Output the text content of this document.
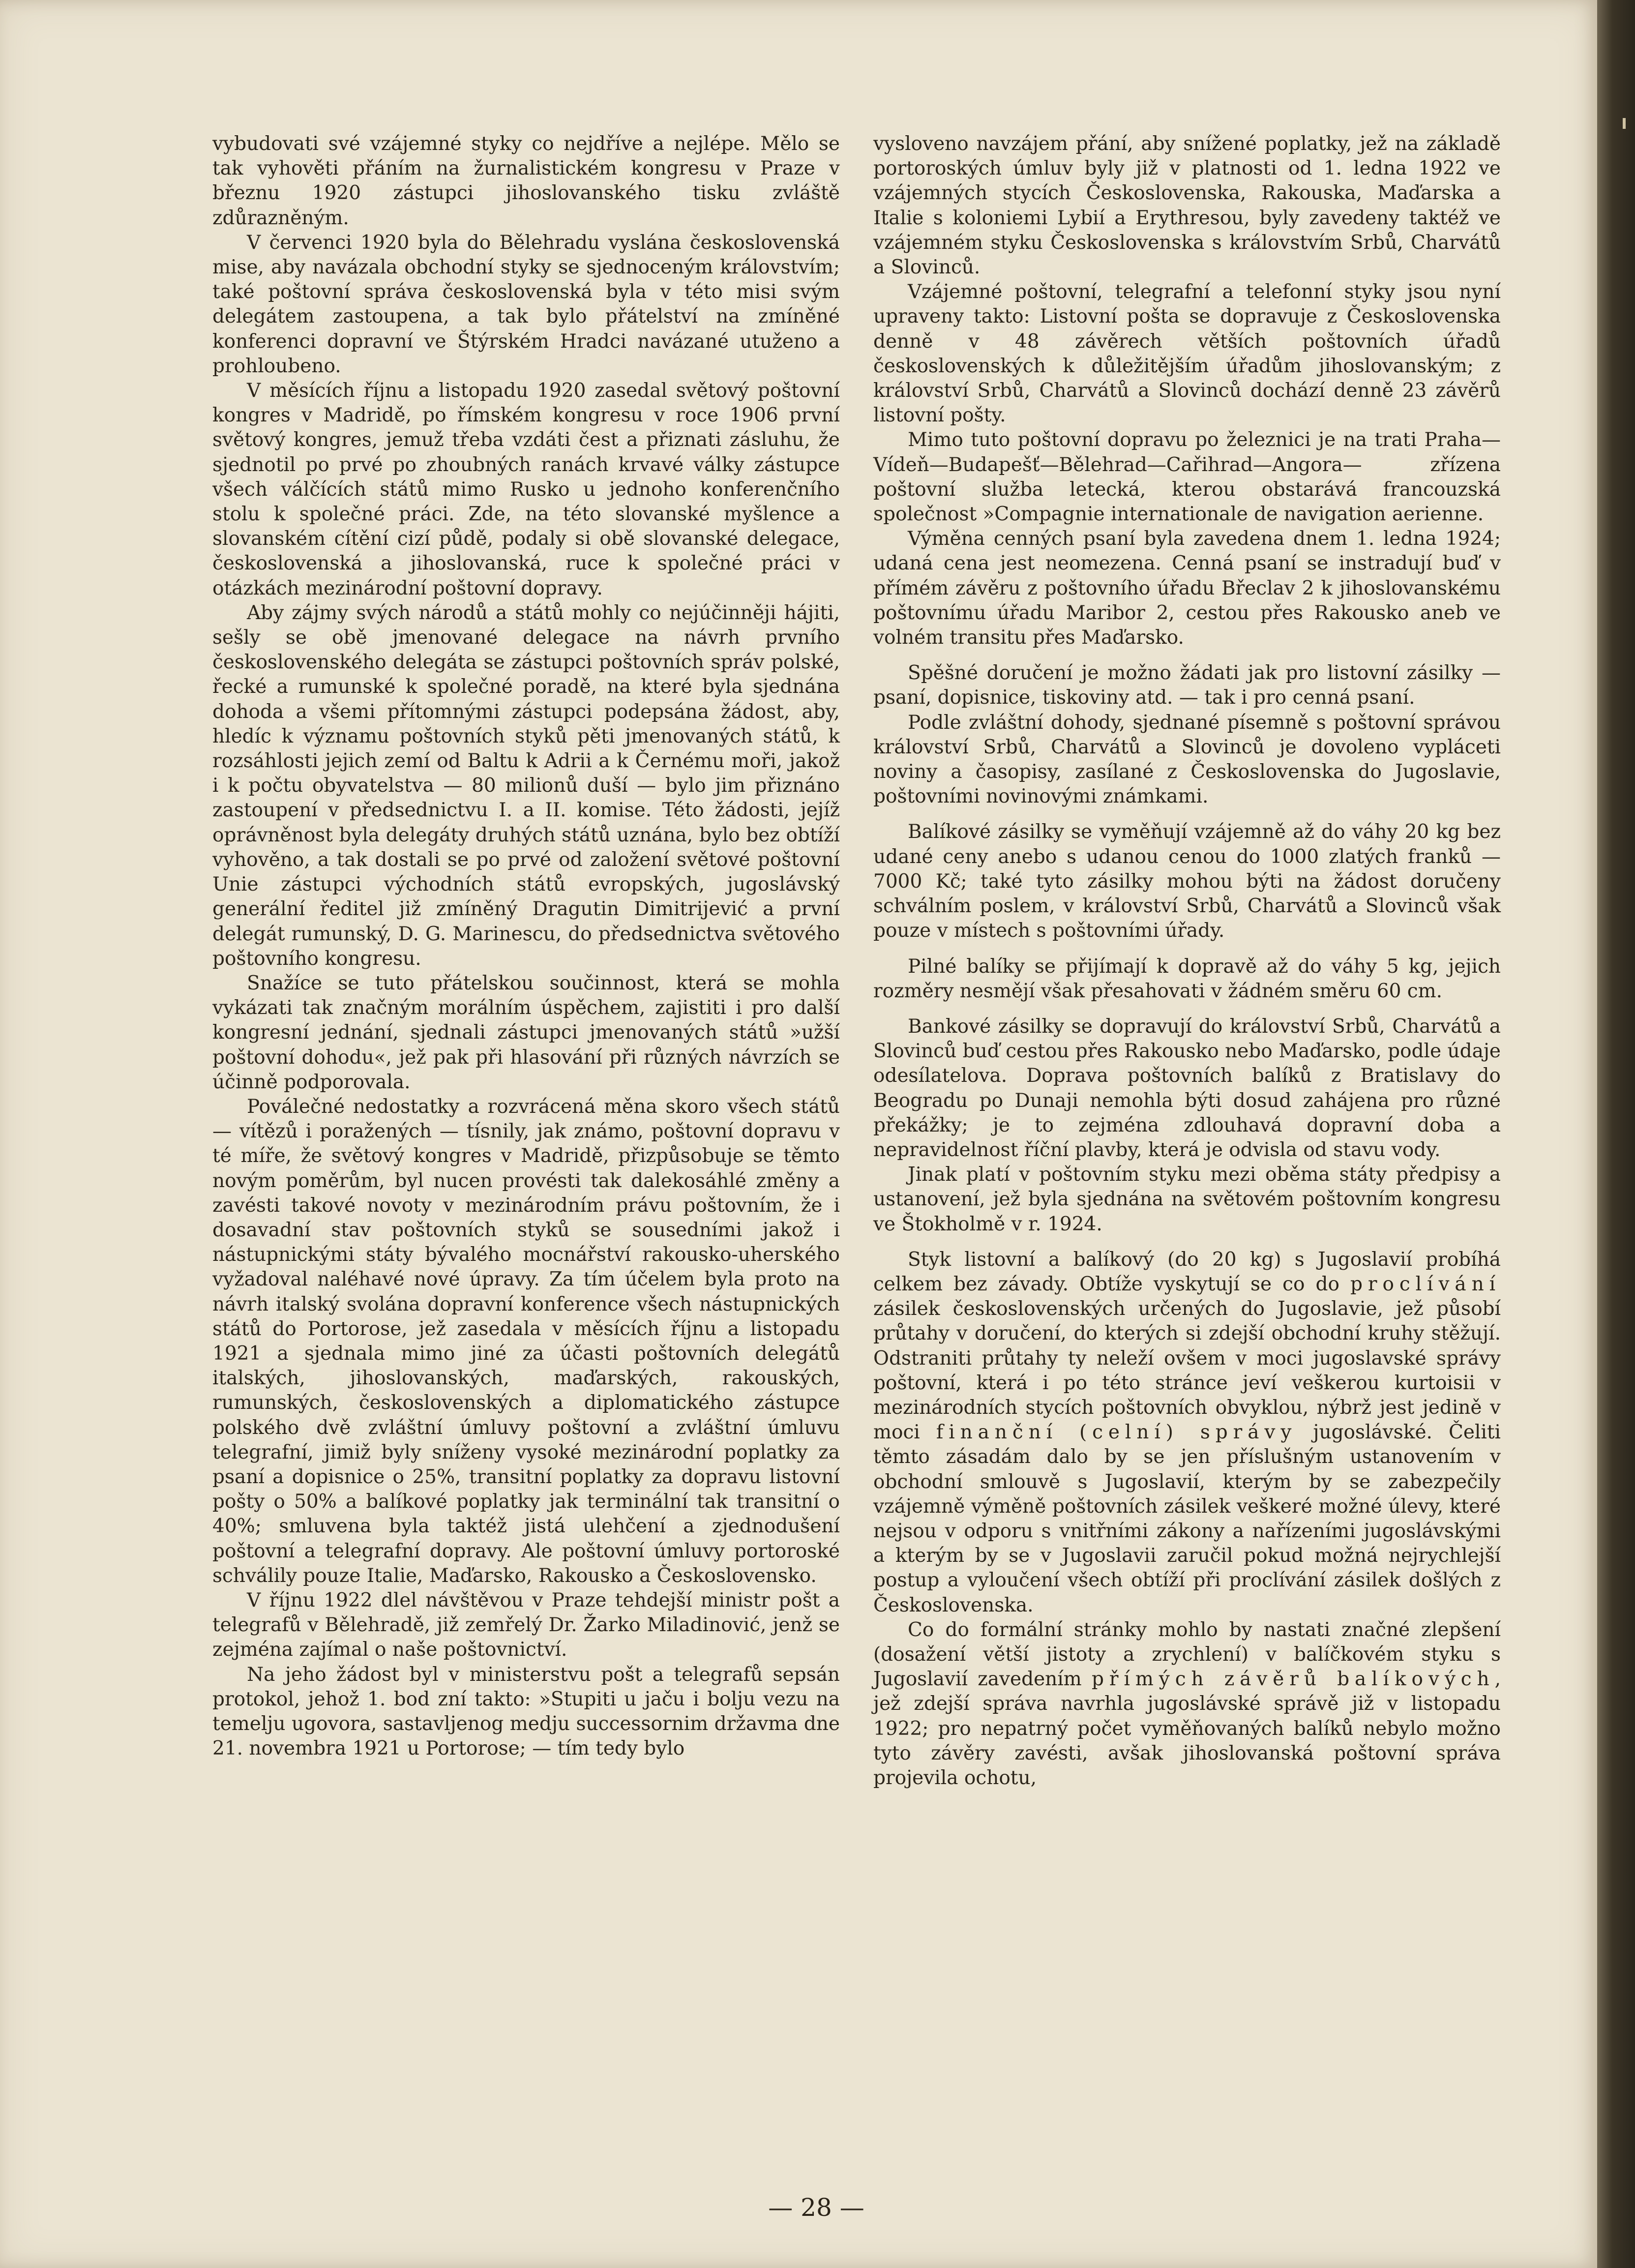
vybudovati své vzájemné styky co nejdříve a nejlépe. Mělo se tak vyhověti přáním na žurnalistickém kongresu v Praze v březnu 1920 zástupci jihoslovanského tisku zvláště zdůrazněným.

V červenci 1920 byla do Bělehradu vyslána československá mise, aby navázala obchodní styky se sjednoceným královstvím; také poštovní správa československá byla v této misi svým delegátem zastoupena, a tak bylo přátelství na zmíněné konferenci dopravní ve Štýrském Hradci navázané utuženo a prohloubeno.

V měsících říjnu a listopadu 1920 zasedal světový poštovní kongres v Madridě, po římském kongresu v roce 1906 první světový kongres, jemuž třeba vzdáti čest a přiznati zásluhu, že sjednotil po prvé po zhoubných ranách krvavé války zástupce všech válčících států mimo Rusko u jednoho konferenčního stolu k společné práci. Zde, na této slovanské myšlence a slovanském cítění cizí půdě, podaly si obě slovanské delegace, československá a jihoslovanská, ruce k společné práci v otázkách mezinárodní poštovní dopravy.

Aby zájmy svých národů a států mohly co nejúčinněji hájiti, sešly se obě jmenované delegace na návrh prvního československého delegáta se zástupci poštovních správ polské, řecké a rumunské k společné poradě, na které byla sjednána dohoda a všemi přítomnými zástupci podepsána žádost, aby, hledíc k významu poštovních styků pěti jmenovaných států, k rozsáhlosti jejich zemí od Baltu k Adrii a k Černému moři, jakož i k počtu obyvatelstva — 80 milionů duší — bylo jim přiznáno zastoupení v předsednictvu I. a II. komise. Této žádosti, jejíž oprávněnost byla delegáty druhých států uznána, bylo bez obtíží vyhověno, a tak dostali se po prvé od založení světové poštovní Unie zástupci východních států evropských, jugoslávský generální ředitel již zmíněný Dragutin Dimitrijević a první delegát rumunský, D. G. Marinescu, do předsednictva světového poštovního kongresu.

Snažíce se tuto přátelskou součinnost, která se mohla vykázati tak značným morálním úspěchem, zajistiti i pro další kongresní jednání, sjednali zástupci jmenovaných států »užší poštovní dohodu«, jež pak při hlasování při různých návrzích se účinně podporovala.

Poválečné nedostatky a rozvrácená měna skoro všech států — vítězů i poražených — tísnily, jak známo, poštovní dopravu v té míře, že světový kongres v Madridě, přizpůsobuje se těmto novým poměrům, byl nucen provésti tak dalekosáhlé změny a zavésti takové novoty v mezinárodním právu poštovním, že i dosavadní stav poštovních styků se sousedními jakož i nástupnickými státy bývalého mocnářství rakousko-uherského vyžadoval naléhavé nové úpravy. Za tím účelem byla proto na návrh italský svolána dopravní konference všech nástupnických států do Portorose, jež zasedala v měsících říjnu a listopadu 1921 a sjednala mimo jiné za účasti poštovních delegátů italských, jihoslovanských, maďarských, rakouských, rumunských, československých a diplomatického zástupce polského dvě zvláštní úmluvy poštovní a zvláštní úmluvu telegrafní, jimiž byly sníženy vysoké mezinárodní poplatky za psaní a dopisnice o 25%, transitní poplatky za dopravu listovní pošty o 50% a balíkové poplatky jak terminální tak transitní o 40%; smluvena byla taktéž jistá ulehčení a zjednodušení poštovní a telegrafní dopravy. Ale poštovní úmluvy portoroské schválily pouze Italie, Maďarsko, Rakousko a Československo.

V říjnu 1922 dlel návštěvou v Praze tehdejší ministr pošt a telegrafů v Bělehradě, již zemřelý Dr. Žarko Miladinović, jenž se zejména zajímal o naše poštovnictví.

Na jeho žádost byl v ministerstvu pošt a telegrafů sepsán protokol, jehož 1. bod zní takto: »Stupiti u jaču i bolju vezu na temelju ugovora, sastavljenog medju successornim državma dne 21. novembra 1921 u Portorose; — tím tedy bylo

vysloveno navzájem přání, aby snížené poplatky, jež na základě portoroských úmluv byly již v platnosti od 1. ledna 1922 ve vzájemných stycích Československa, Rakouska, Maďarska a Italie s koloniemi Lybií a Erythresou, byly zavedeny taktéž ve vzájemném styku Československa s královstvím Srbů, Charvátů a Slovinců.

Vzájemné poštovní, telegrafní a telefonní styky jsou nyní upraveny takto: Listovní pošta se dopravuje z Československa denně v 48 závěrech větších poštovních úřadů československých k důležitějším úřadům jihoslovanským; z království Srbů, Charvátů a Slovinců dochází denně 23 závěrů listovní pošty.

Mimo tuto poštovní dopravu po železnici je na trati Praha—Vídeň—Budapešť—Bělehrad—Cařihrad—Angora— zřízena poštovní služba letecká, kterou obstarává francouzská společnost »Compagnie internationale de navigation aerienne.

Výměna cenných psaní byla zavedena dnem 1. ledna 1924; udaná cena jest neomezena. Cenná psaní se instradují buď v přímém závěru z poštovního úřadu Břeclav 2 k jihoslovanskému poštovnímu úřadu Maribor 2, cestou přes Rakousko aneb ve volném transitu přes Maďarsko.

Spěšné doručení je možno žádati jak pro listovní zásilky — psaní, dopisnice, tiskoviny atd. — tak i pro cenná psaní.

Podle zvláštní dohody, sjednané písemně s poštovní správou království Srbů, Charvátů a Slovinců je dovoleno vypláceti noviny a časopisy, zasílané z Československa do Jugoslavie, poštovními novinovými známkami.

Balíkové zásilky se vyměňují vzájemně až do váhy 20 kg bez udané ceny anebo s udanou cenou do 1000 zlatých franků — 7000 Kč; také tyto zásilky mohou býti na žádost doručeny schválním poslem, v království Srbů, Charvátů a Slovinců však pouze v místech s poštovními úřady.

Pilné balíky se přijímají k dopravě až do váhy 5 kg, jejich rozměry nesmějí však přesahovati v žádném směru 60 cm.

Bankové zásilky se dopravují do království Srbů, Charvátů a Slovinců buď cestou přes Rakousko nebo Maďarsko, podle údaje odesílatelova. Doprava poštovních balíků z Bratislavy do Beogradu po Dunaji nemohla býti dosud zahájena pro různé překážky; je to zejména zdlouhavá dopravní doba a nepravidelnost říční plavby, která je odvisla od stavu vody.

Jinak platí v poštovním styku mezi oběma státy předpisy a ustanovení, jež byla sjednána na světovém poštovním kongresu ve Štokholmě v r. 1924.

Styk listovní a balíkový (do 20 kg) s Jugoslavií probíhá celkem bez závady. Obtíže vyskytují se co do proclívání zásilek československých určených do Jugoslavie, jež působí průtahy v doručení, do kterých si zdejší obchodní kruhy stěžují. Odstraniti průtahy ty neleží ovšem v moci jugoslavské správy poštovní, která i po této stránce jeví veškerou kurtoisii v mezinárodních stycích poštovních obvyklou, nýbrž jest jedině v moci finanční (celní) správy jugoslávské. Čeliti těmto zásadám dalo by se jen příslušným ustanovením v obchodní smlouvě s Jugoslavií, kterým by se zabezpečily vzájemně výměně poštovních zásilek veškeré možné úlevy, které nejsou v odporu s vnitřními zákony a nařízeními jugoslávskými a kterým by se v Jugoslavii zaručil pokud možná nejrychlejší postup a vyloučení všech obtíží při proclívání zásilek došlých z Československa.

Co do formální stránky mohlo by nastati značné zlepšení (dosažení větší jistoty a zrychlení) v balíčkovém styku s Jugoslavií zavedením přímých závěrů balíkových, jež zdejší správa navrhla jugoslávské správě již v listopadu 1922; pro nepatrný počet vyměňovaných balíků nebylo možno tyto závěry zavésti, avšak jihoslovanská poštovní správa projevila ochotu,

— 28 —
